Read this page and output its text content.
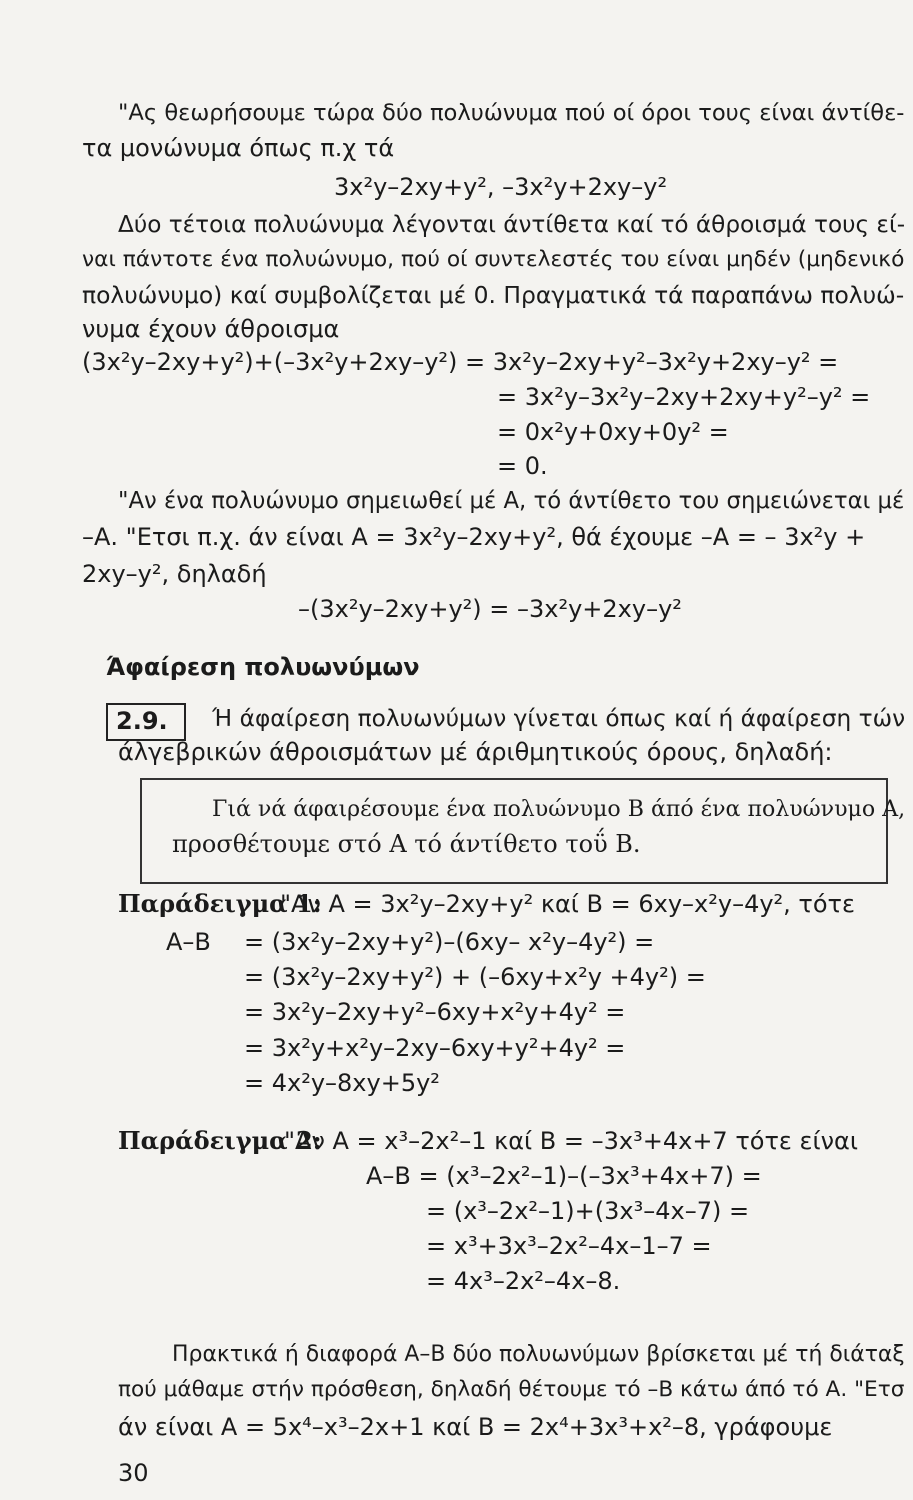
"Ας θεωρήσουμε τώρα δύο πολυώνυμα πού οί όροι τους είναι άντίθε-
τα μονώνυμα όπως π.χ τά
3x²y–2xy+y², –3x²y+2xy–y²
Δύο τέτοια πολυώνυμα λέγονται άντίθετα καί τό άθροισμά τους εί-
ναι πάντοτε ένα πολυώνυμο, πού οί συντελεστές του είναι μηδέν (μηδενικό
πολυώνυμο) καί συμβολίζεται μέ 0. Πραγματικά τά παραπάνω πολυώ-
νυμα έχουν άθροισμα
(3x²y–2xy+y²)+(–3x²y+2xy–y²) = 3x²y–2xy+y²–3x²y+2xy–y² =
= 3x²y–3x²y–2xy+2xy+y²–y² =
= 0x²y+0xy+0y² =
= 0.
"Αν ένα πολυώνυμο σημειωθεί μέ Α, τό άντίθετο του σημειώνεται μέ
–Α. "Ετσι π.χ. άν είναι Α = 3x²y–2xy+y², θά έχουμε –Α = – 3x²y +
2xy–y², δηλαδή
–(3x²y–2xy+y²) = –3x²y+2xy–y²
Άφαίρεση πολυωνύμων
2.9. Ή άφαίρεση πολυωνύμων γίνεται όπως καί ή άφαίρεση τών
άλγεβρικών άθροισμάτων μέ άριθμητικούς όρους, δηλαδή:
Γιά νά άφαιρέσουμε ένα πολυώνυμο Β άπό ένα πολυώνυμο Α,
προσθέτουμε στό Α τό άντίθετο τοΰ Β.
Παράδειγμα 1:
"Αν Α = 3x²y–2xy+y² καί Β = 6xy–x²y–4y², τότε
Α–Β = (3x²y–2xy+y²)–(6xy– x²y–4y²) =
= (3x²y–2xy+y²) + (–6xy+x²y +4y²) =
= 3x²y–2xy+y²–6xy+x²y+4y² =
= 3x²y+x²y–2xy–6xy+y²+4y² =
= 4x²y–8xy+5y²
Παράδειγμα 2:
"Αν Α = x³–2x²–1 καί Β = –3x³+4x+7 τότε είναι
Α–Β = (x³–2x²–1)–(–3x³+4x+7) =
= (x³–2x²–1)+(3x³–4x–7) =
= x³+3x³–2x²–4x–1–7 =
= 4x³–2x²–4x–8.
Πρακτικά ή διαφορά Α–Β δύο πολυωνύμων βρίσκεται μέ τή διάταξ
πού μάθαμε στήν πρόσθεση, δηλαδή θέτουμε τό –Β κάτω άπό τό Α. "Ετσ
άν είναι Α = 5x⁴–x³–2x+1 καί Β = 2x⁴+3x³+x²–8, γράφουμε
30
